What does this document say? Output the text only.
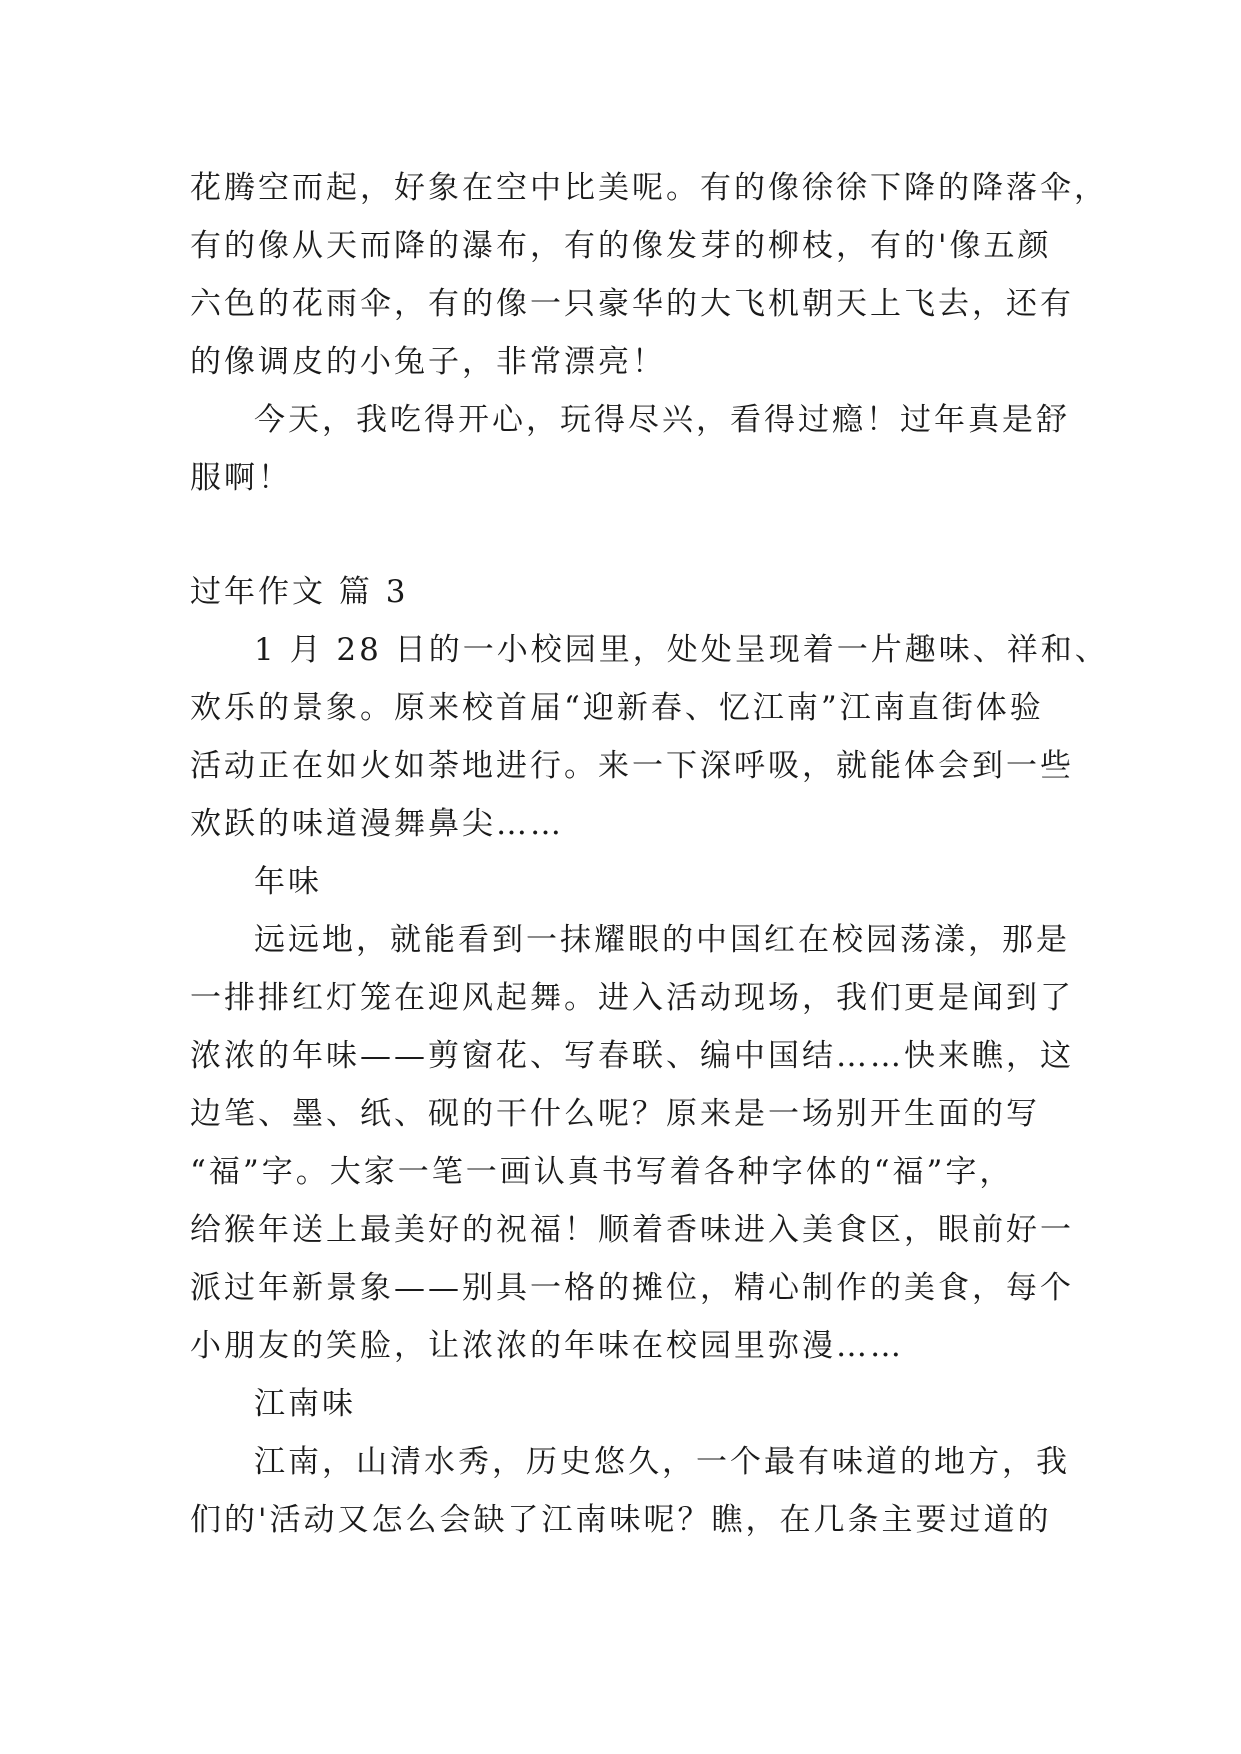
花腾空而起，好象在空中比美呢。有的像徐徐下降的降落伞，
有的像从天而降的瀑布，有的像发芽的柳枝，有的'像五颜
六色的花雨伞，有的像一只豪华的大飞机朝天上飞去，还有
的像调皮的小兔子，非常漂亮！
今天，我吃得开心，玩得尽兴，看得过瘾！过年真是舒
服啊！
过年作文 篇 3
1 月 28 日的一小校园里，处处呈现着一片趣味、祥和、
欢乐的景象。原来校首届“迎新春、忆江南”江南直街体验
活动正在如火如荼地进行。来一下深呼吸，就能体会到一些
欢跃的味道漫舞鼻尖……
年味
远远地，就能看到一抹耀眼的中国红在校园荡漾，那是
一排排红灯笼在迎风起舞。进入活动现场，我们更是闻到了
浓浓的年味——剪窗花、写春联、编中国结……快来瞧，这
边笔、墨、纸、砚的干什么呢？原来是一场别开生面的写
“福”字。大家一笔一画认真书写着各种字体的“福”字，
给猴年送上最美好的祝福！顺着香味进入美食区，眼前好一
派过年新景象——别具一格的摊位，精心制作的美食，每个
小朋友的笑脸，让浓浓的年味在校园里弥漫……
江南味
江南，山清水秀，历史悠久，一个最有味道的地方，我
们的'活动又怎么会缺了江南味呢？瞧，在几条主要过道的
